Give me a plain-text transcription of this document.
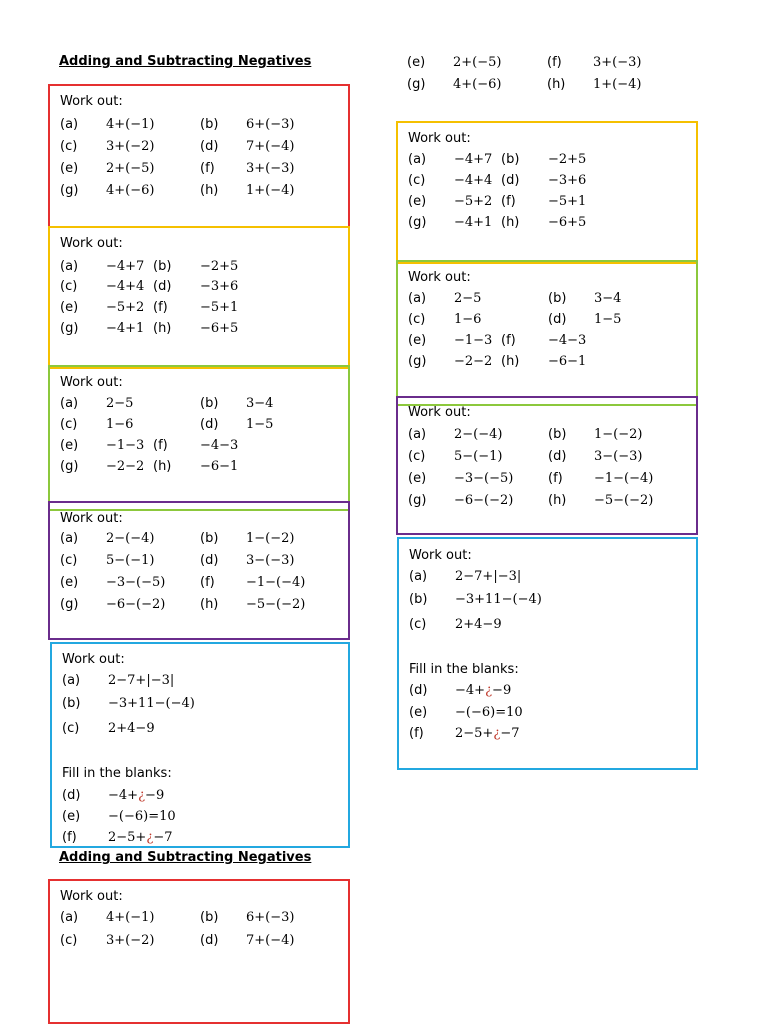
Adding and Subtracting Negatives
Work out:
(a) 4+(−1)	(b) 6+(−3)
(c) 3+(−2)	(d) 7+(−4)
(e) 2+(−5)	(f) 3+(−3)
(g) 4+(−6)	(h) 1+(−4)
Work out:
(a) −4+7 (b) −2+5
(c) −4+4 (d) −3+6
(e) −5+2 (f) −5+1
(g) −4+1 (h) −6+5
Work out:
(a) 2−5	(b) 3−4
(c) 1−6	(d) 1−5
(e) −1−3 (f) −4−3
(g) −2−2 (h) −6−1
Work out:
(a) 2−(−4)	(b) 1−(−2)
(c) 5−(−1)	(d) 3−(−3)
(e) −3−(−5)	(f) −1−(−4)
(g) −6−(−2)	(h) −5−(−2)
Work out:
(a) 2−7+|−3|
(b) −3+11−(−4)
(c) 2+4−9
Fill in the blanks:
(d) −4+¿−9
(e) −(−6)=10
(f) 2−5+¿−7
Adding and Subtracting Negatives
Work out:
(a) 4+(−1)	(b) 6+(−3)
(c) 3+(−2)	(d) 7+(−4)
(e) 2+(−5)	(f) 3+(−3)
(g) 4+(−6)	(h) 1+(−4)
Work out:
(a) −4+7 (b) −2+5
(c) −4+4 (d) −3+6
(e) −5+2 (f) −5+1
(g) −4+1 (h) −6+5
Work out:
(a) 2−5	(b) 3−4
(c) 1−6	(d) 1−5
(e) −1−3 (f) −4−3
(g) −2−2 (h) −6−1
Work out:
(a) 2−(−4)	(b) 1−(−2)
(c) 5−(−1)	(d) 3−(−3)
(e) −3−(−5)	(f) −1−(−4)
(g) −6−(−2)	(h) −5−(−2)
Work out:
(a) 2−7+|−3|
(b) −3+11−(−4)
(c) 2+4−9
Fill in the blanks:
(d) −4+¿−9
(e) −(−6)=10
(f) 2−5+¿−7
